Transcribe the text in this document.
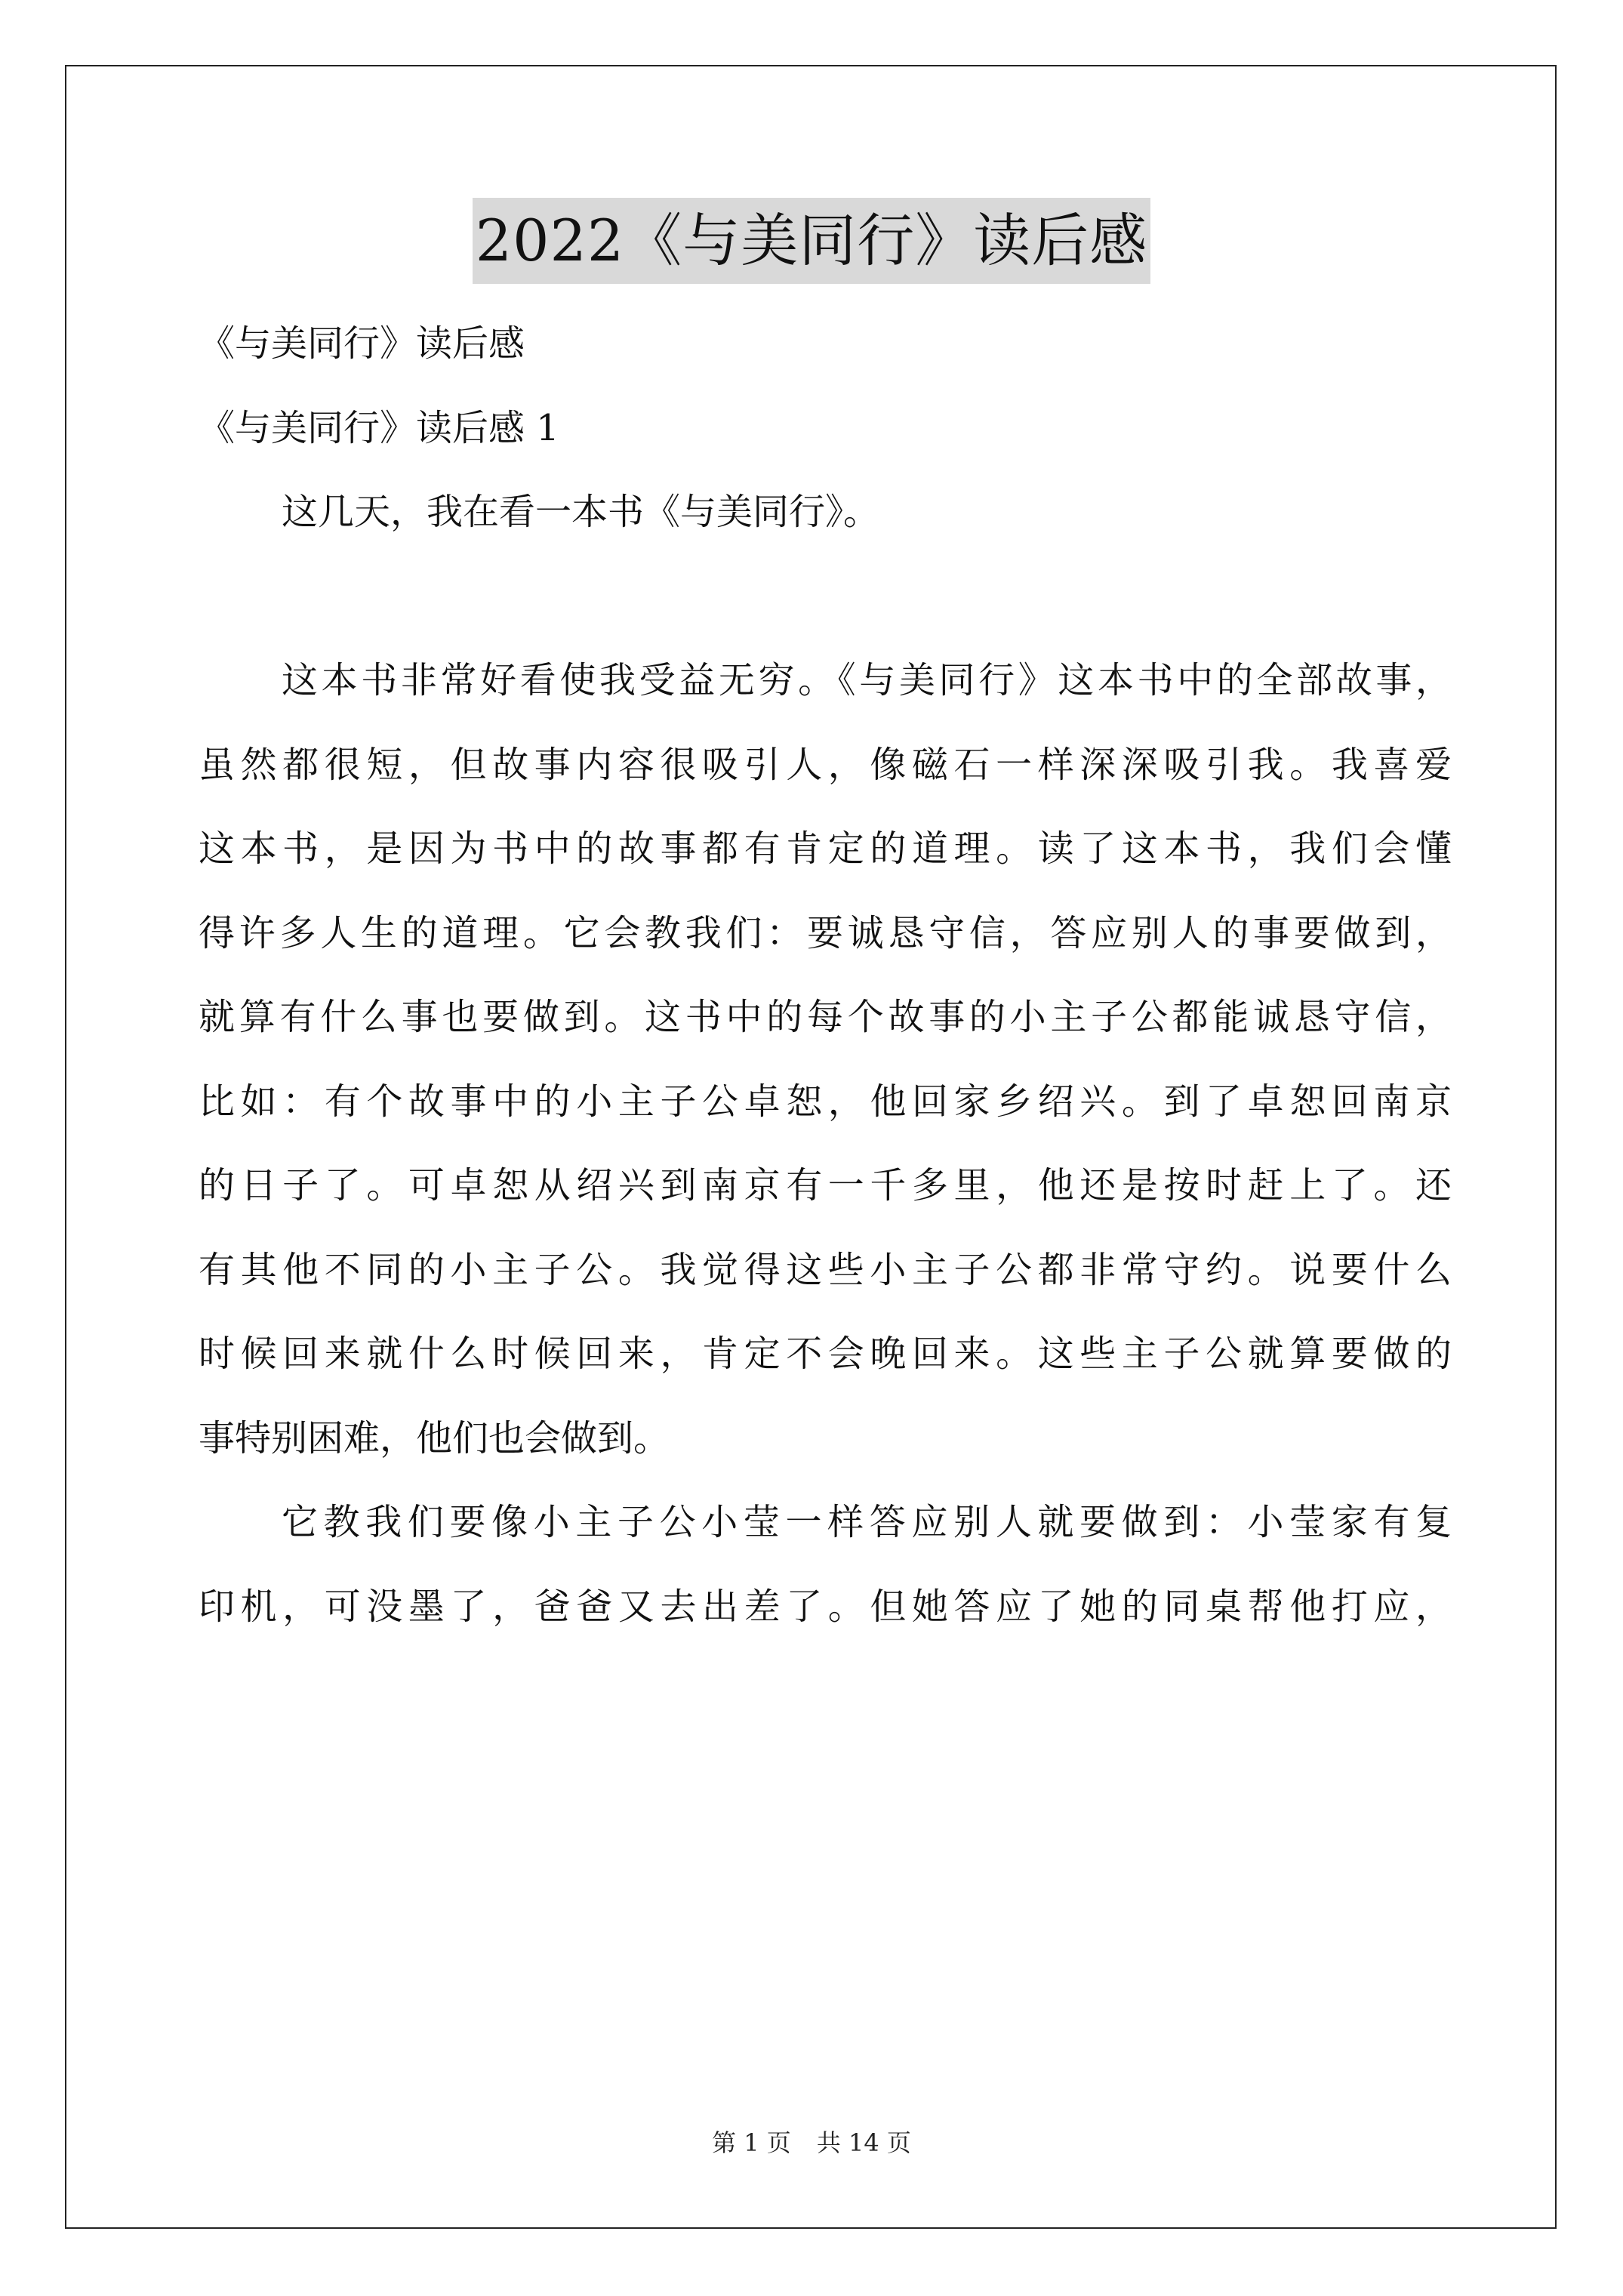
2022《与美同行》读后感
《与美同行》读后感
《与美同行》读后感 1
这几天，我在看一本书《与美同行》。
这本书非常好看使我受益无穷。《与美同行》这本书中的全部故事，
虽然都很短，但故事内容很吸引人，像磁石一样深深吸引我。我喜爱
这本书，是因为书中的故事都有肯定的道理。读了这本书，我们会懂
得许多人生的道理。它会教我们：要诚恳守信，答应别人的事要做到，
就算有什么事也要做到。这书中的每个故事的小主子公都能诚恳守信，
比如：有个故事中的小主子公卓恕，他回家乡绍兴。到了卓恕回南京
的日子了。可卓恕从绍兴到南京有一千多里，他还是按时赶上了。还
有其他不同的小主子公。我觉得这些小主子公都非常守约。说要什么
时候回来就什么时候回来，肯定不会晚回来。这些主子公就算要做的
事特别困难，他们也会做到。
它教我们要像小主子公小莹一样答应别人就要做到：小莹家有复
印机，可没墨了，爸爸又去出差了。但她答应了她的同桌帮他打应，
第 1 页 共 14 页
